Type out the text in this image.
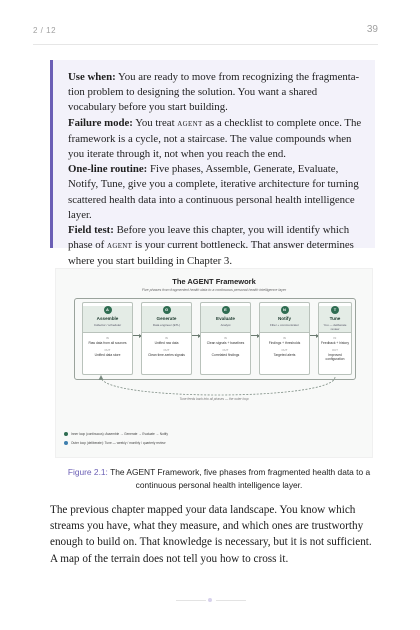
2 / 12	39

Use when: You are ready to move from recognizing the fragmenta-tion problem to designing the solution. You want a shared vocabulary before you start building.

Failure mode: You treat agent as a checklist to complete once. The framework is a cycle, not a staircase. The value compounds when you iterate through it, not when you reach the end.

One-line routine: Five phases, Assemble, Generate, Evaluate, Notify, Tune, give you a complete, iterative architecture for turning scattered health data into a continuous personal health intelligence layer.

Field test: Before you leave this chapter, you will identify which phase of agent is your current bottleneck. That answer determines where you start building in Chapter 3.

The AGENT Framework
Five phases from fragmented health data to a continuous personal health intelligence layer
A
Assemble
Collector / scheduler
IN
Raw data from all sources
OUT
Unified data store
G
Generate
Data engineer (ETL)
IN
Unified raw data
OUT
Clean time-series signals
E
Evaluate
Analyst
IN
Clean signals + baselines
OUT
Correlated findings
N
Notify
Filter + communicator
IN
Findings + thresholds
OUT
Targeted alerts
T
Tune
You — deliberate review
IN
Feedback + history
OUT
Improved configuration
Tune feeds back into all phases — the outer loop
Inner loop (continuous): Assemble → Generate → Evaluate → Notify
Outer loop (deliberate): Tune — weekly / monthly / quarterly review
Figure 2.1: The AGENT Framework, five phases from fragmented health data to a continuous personal health intelligence layer.

The previous chapter mapped your data landscape. You know which streams you have, what they measure, and which ones are trustworthy enough to build on. That knowledge is necessary, but it is not sufficient. A map of the terrain does not tell you how to cross it.
